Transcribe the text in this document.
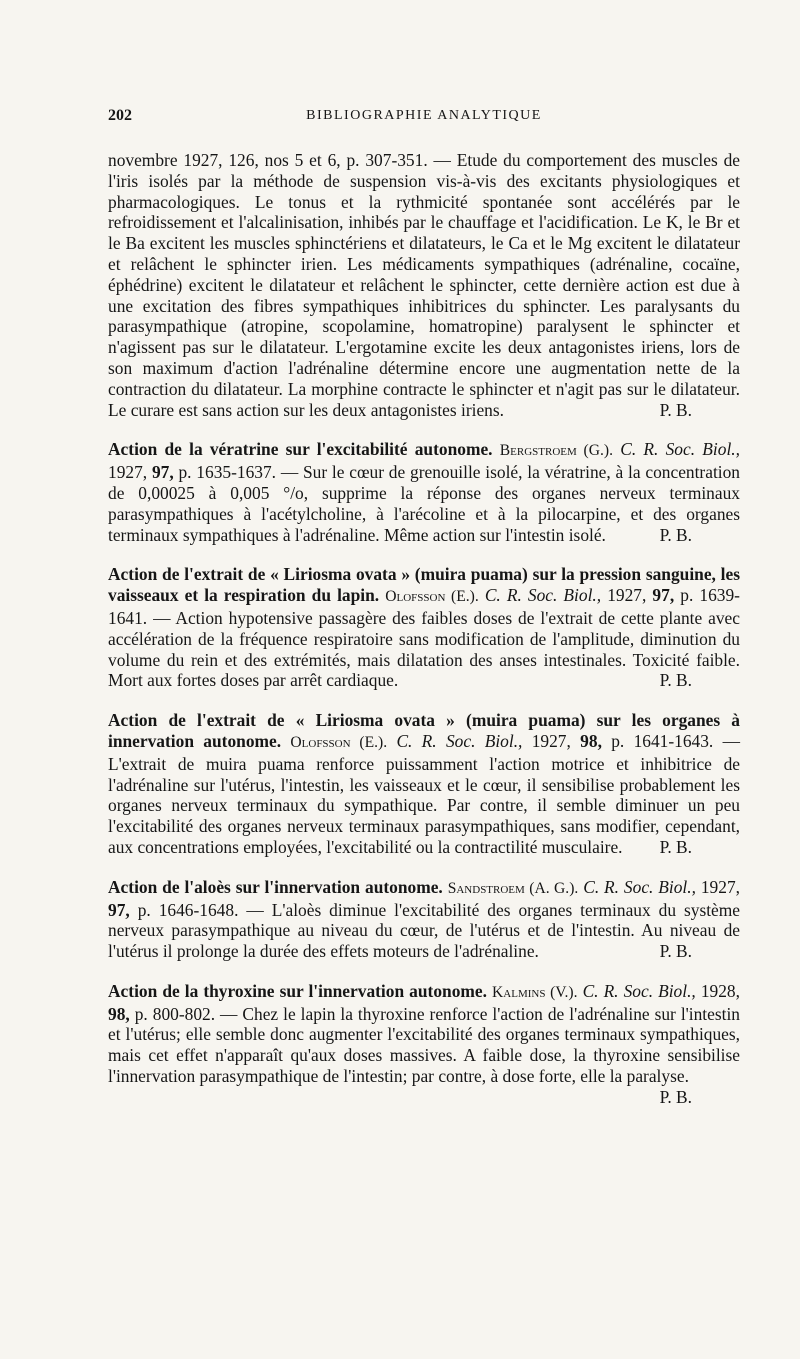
202	BIBLIOGRAPHIE ANALYTIQUE

novembre 1927, 126, nos 5 et 6, p. 307-351. — Etude du comportement des muscles de l'iris isolés par la méthode de suspension vis-à-vis des excitants physiologiques et pharmacologiques. Le tonus et la rythmicité spontanée sont accélérés par le refroidissement et l'alcalinisation, inhibés par le chauffage et l'acidification. Le K, le Br et le Ba excitent les muscles sphinctériens et dilatateurs, le Ca et le Mg excitent le dilatateur et relâchent le sphincter irien. Les médicaments sympathiques (adrénaline, cocaïne, éphédrine) excitent le dilatateur et relâchent le sphincter, cette dernière action est due à une excitation des fibres sympathiques inhibitrices du sphincter. Les paralysants du parasympathique (atropine, scopolamine, homatropine) paralysent le sphincter et n'agissent pas sur le dilatateur. L'ergotamine excite les deux antagonistes iriens, lors de son maximum d'action l'adrénaline détermine encore une augmentation nette de la contraction du dilatateur. La morphine contracte le sphincter et n'agit pas sur le dilatateur. Le curare est sans action sur les deux antagonistes iriens.	P. B.

Action de la vératrine sur l'excitabilité autonome. Bergstroem (G.). C. R. Soc. Biol., 1927, 97, p. 1635-1637. — Sur le cœur de grenouille isolé, la vératrine, à la concentration de 0,00025 à 0,005 °/o, supprime la réponse des organes nerveux terminaux parasympathiques à l'acétylcholine, à l'arécoline et à la pilocarpine, et des organes terminaux sympathiques à l'adrénaline. Même action sur l'intestin isolé.	P. B.

Action de l'extrait de « Liriosma ovata » (muira puama) sur la pression sanguine, les vaisseaux et la respiration du lapin. Olofsson (E.). C. R. Soc. Biol., 1927, 97, p. 1639-1641. — Action hypotensive passagère des faibles doses de l'extrait de cette plante avec accélération de la fréquence respiratoire sans modification de l'amplitude, diminution du volume du rein et des extrémités, mais dilatation des anses intestinales. Toxicité faible. Mort aux fortes doses par arrêt cardiaque.	P. B.

Action de l'extrait de « Liriosma ovata » (muira puama) sur les organes à innervation autonome. Olofsson (E.). C. R. Soc. Biol., 1927, 98, p. 1641-1643. — L'extrait de muira puama renforce puissamment l'action motrice et inhibitrice de l'adrénaline sur l'utérus, l'intestin, les vaisseaux et le cœur, il sensibilise probablement les organes nerveux terminaux du sympathique. Par contre, il semble diminuer un peu l'excitabilité des organes nerveux terminaux parasympathiques, sans modifier, cependant, aux concentrations employées, l'excitabilité ou la contractilité musculaire. P. B.

Action de l'aloès sur l'innervation autonome. Sandstroem (A. G.). C. R. Soc. Biol., 1927, 97, p. 1646-1648. — L'aloès diminue l'excitabilité des organes terminaux du système nerveux parasympathique au niveau du cœur, de l'utérus et de l'intestin. Au niveau de l'utérus il prolonge la durée des effets moteurs de l'adrénaline.	P. B.

Action de la thyroxine sur l'innervation autonome. Kalmins (V.). C. R. Soc. Biol., 1928, 98, p. 800-802. — Chez le lapin la thyroxine renforce l'action de l'adrénaline sur l'intestin et l'utérus; elle semble donc augmenter l'excitabilité des organes terminaux sympathiques, mais cet effet n'apparaît qu'aux doses massives. A faible dose, la thyroxine sensibilise l'innervation parasympathique de l'intestin; par contre, à dose forte, elle la paralyse.
P. B.
